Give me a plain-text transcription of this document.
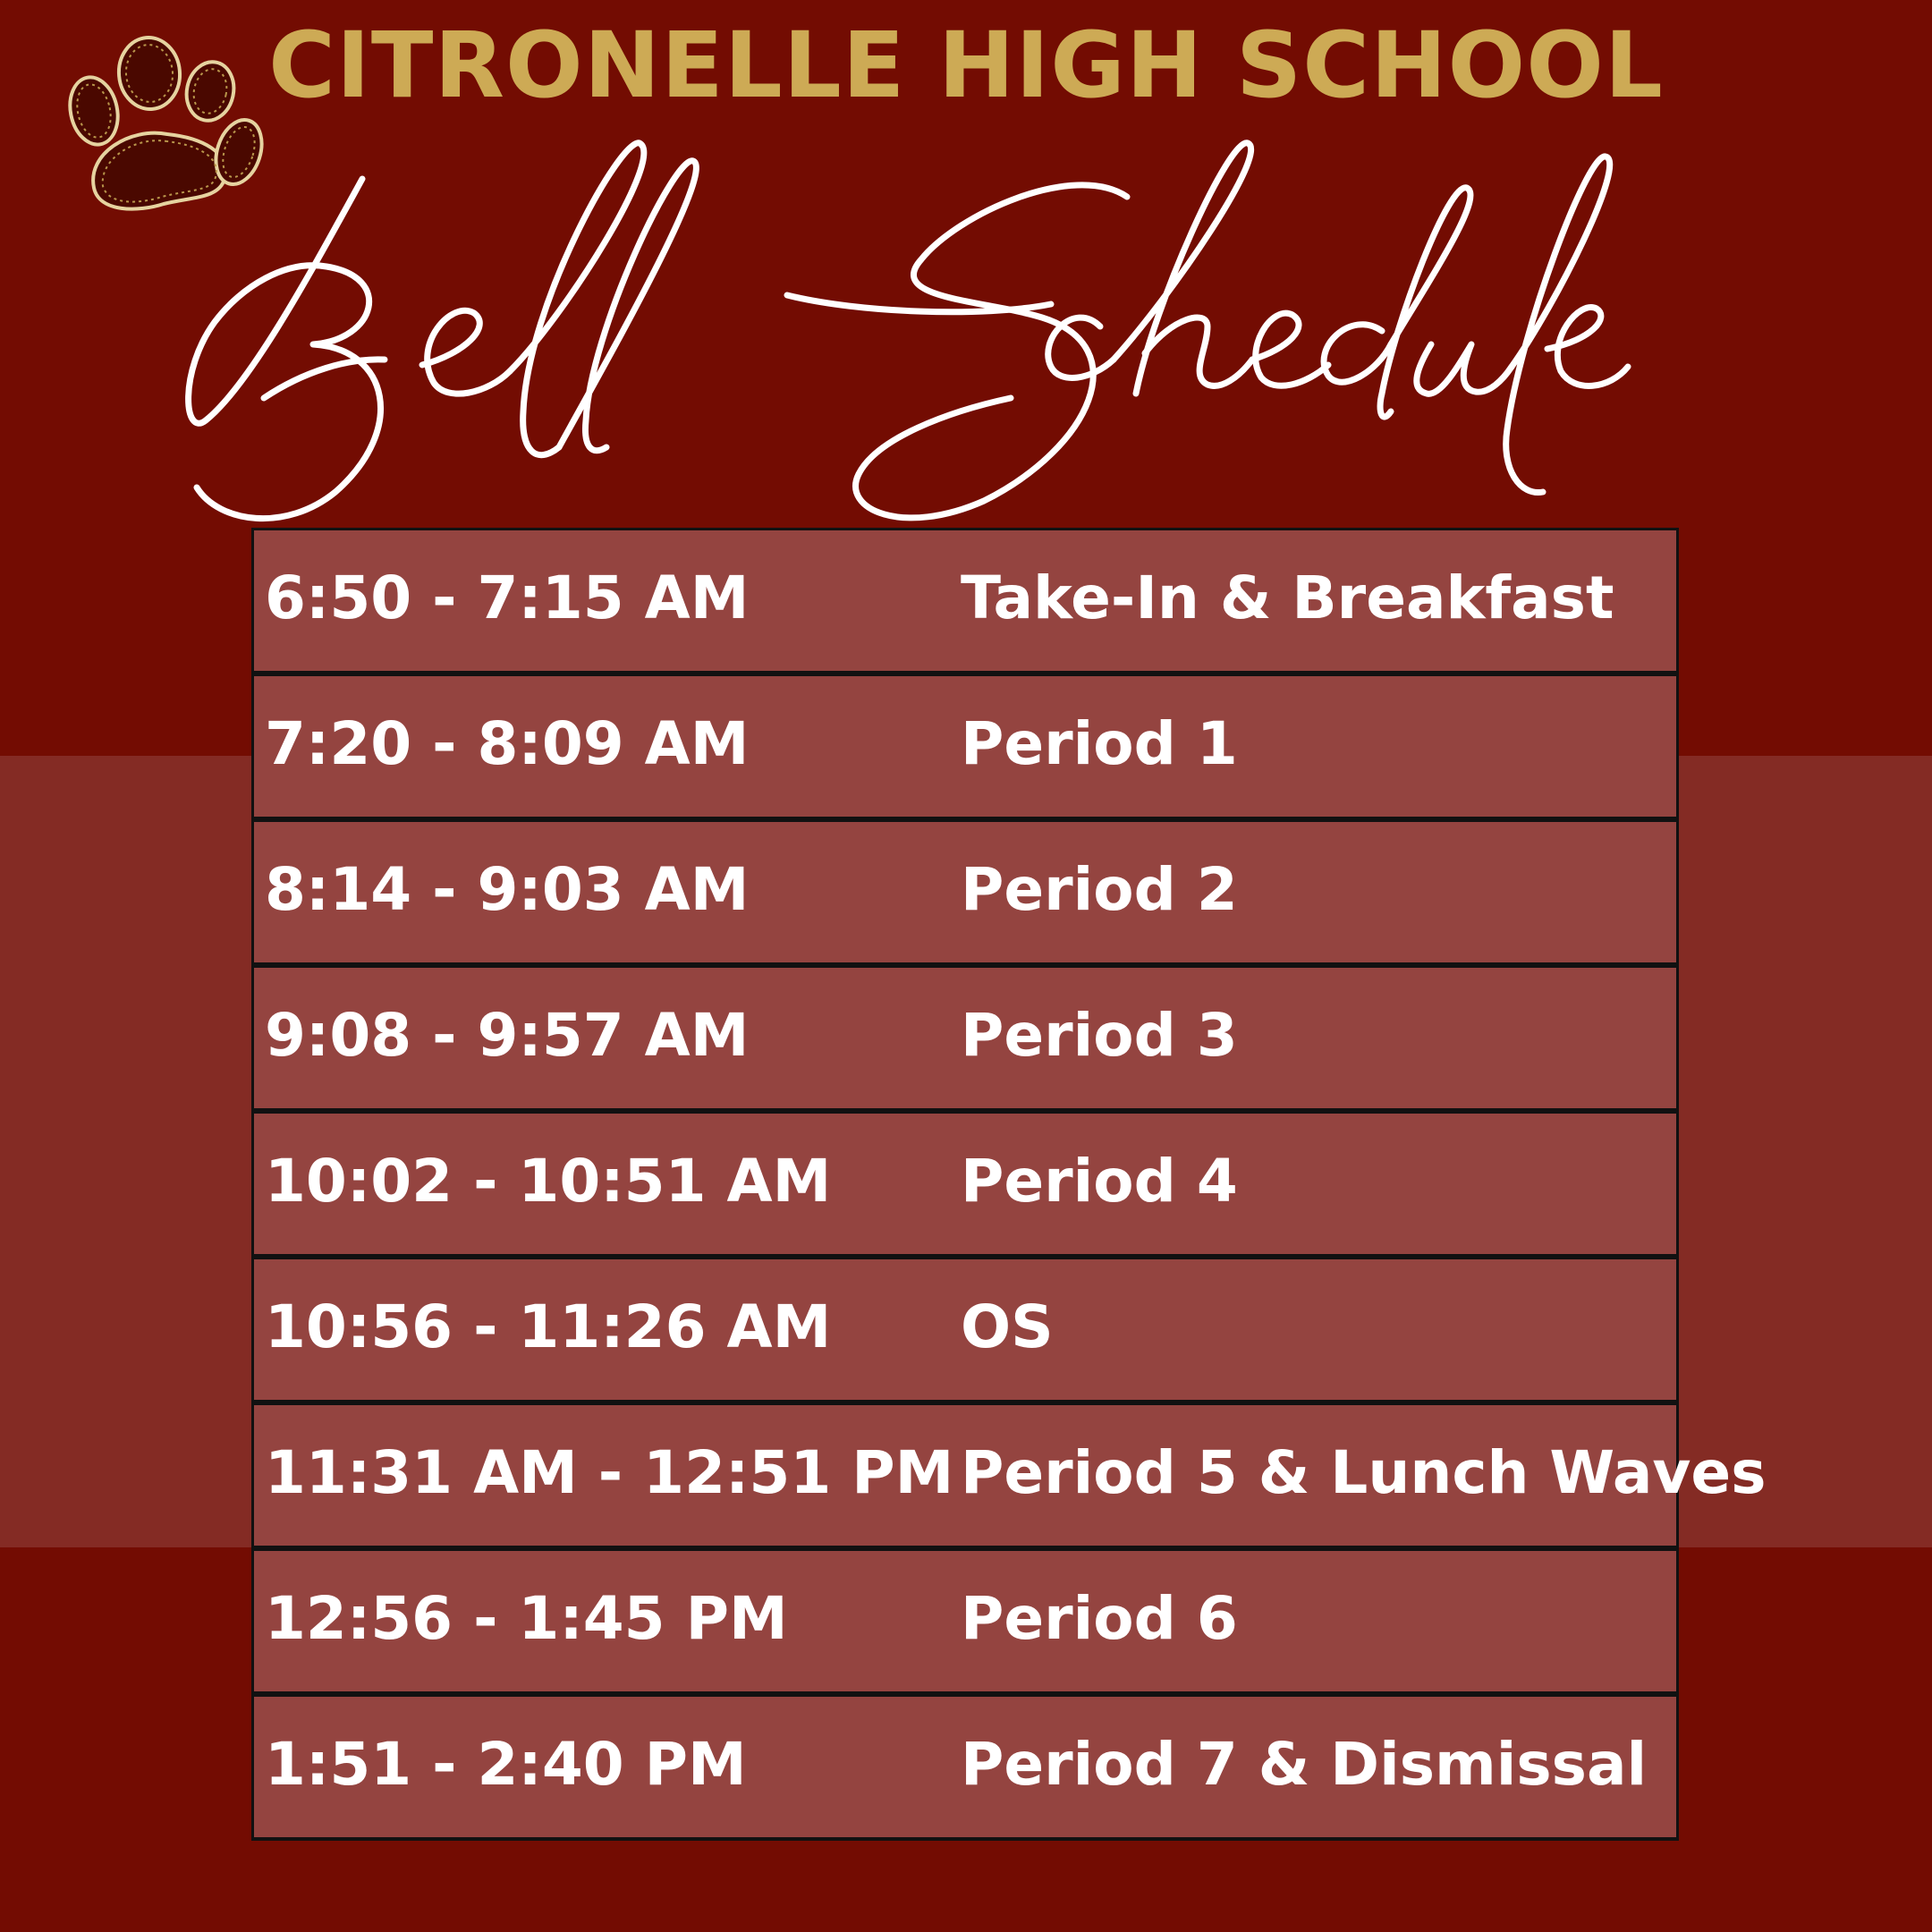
CITRONELLE HIGH SCHOOL
6:50 - 7:15 AM	Take-In & Breakfast
7:20 - 8:09 AM	Period 1
8:14 - 9:03 AM	Period 2
9:08 - 9:57 AM	Period 3
10:02 - 10:51 AM Period 4
10:56 - 11:26 AM OS
11:31 AM - 12:51 PM Period 5 & Lunch Waves
12:56 - 1:45 PM	Period 6
1:51 - 2:40 PM	Period 7 & Dismissal
